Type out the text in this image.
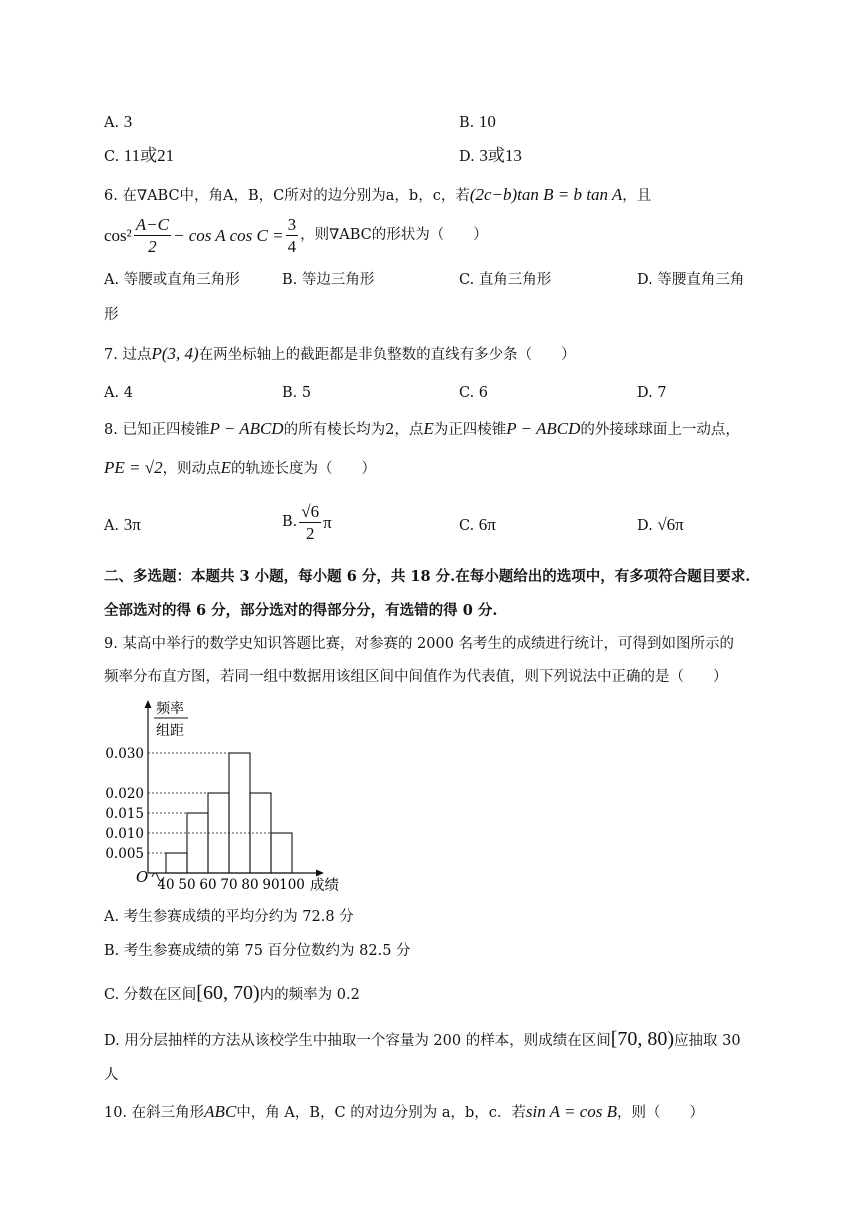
A. 3	B. 10
C. 11或21	D. 3或13
6. 在∇ABC中，角A，B，C所对的边分别为a，b，c，若(2c−b)tan B = b tan A，且
$\cos^2 \frac{A-C}{2} - \cos A$ $\cos C = \frac{3}{4}$ ，则∇ABC的形状为（　　）
A. 等腰或直角三角形	B. 等边三角形	C. 直角三角形	D. 等腰直角三角
形
7. 过点P(3, 4)在两坐标轴上的截距都是非负整数的直线有多少条（　　）
A. 4	B. 5	C. 6	D. 7
8. 已知正四棱锥P − ABCD的所有棱长均为2，点E为正四棱锥P − ABCD的外接球球面上一动点，
PE = √2，则动点E的轨迹长度为（　　）
A. 3π	B. $\frac{√6}{2}$ π	C. 6π	D. √6π
二、多选题：本题共 3 小题，每小题 6 分，共 18 分.在每小题给出的选项中，有多项符合题目要求.
全部选对的得 6 分，部分选对的得部分分，有选错的得 0 分.
9. 某高中举行的数学史知识答题比赛，对参赛的 2000 名考生的成绩进行统计，可得到如图所示的
频率分布直方图，若同一组中数据用该组区间中间值作为代表值，则下列说法中正确的是（　　）
O
频率
组距
0.005
0.010
0.015
0.020
0.030
40 50 60 70 80 90 100 成绩
A. 考生参赛成绩的平均分约为 72.8 分
B. 考生参赛成绩的第 75 百分位数约为 82.5 分
C. 分数在区间[60, 70)内的频率为 0.2
D. 用分层抽样的方法从该校学生中抽取一个容量为 200 的样本，则成绩在区间[70, 80)应抽取 30
人
10. 在斜三角形ABC中，角 A，B，C 的对边分别为 a，b，c．若sin A = cos B，则（　　）
